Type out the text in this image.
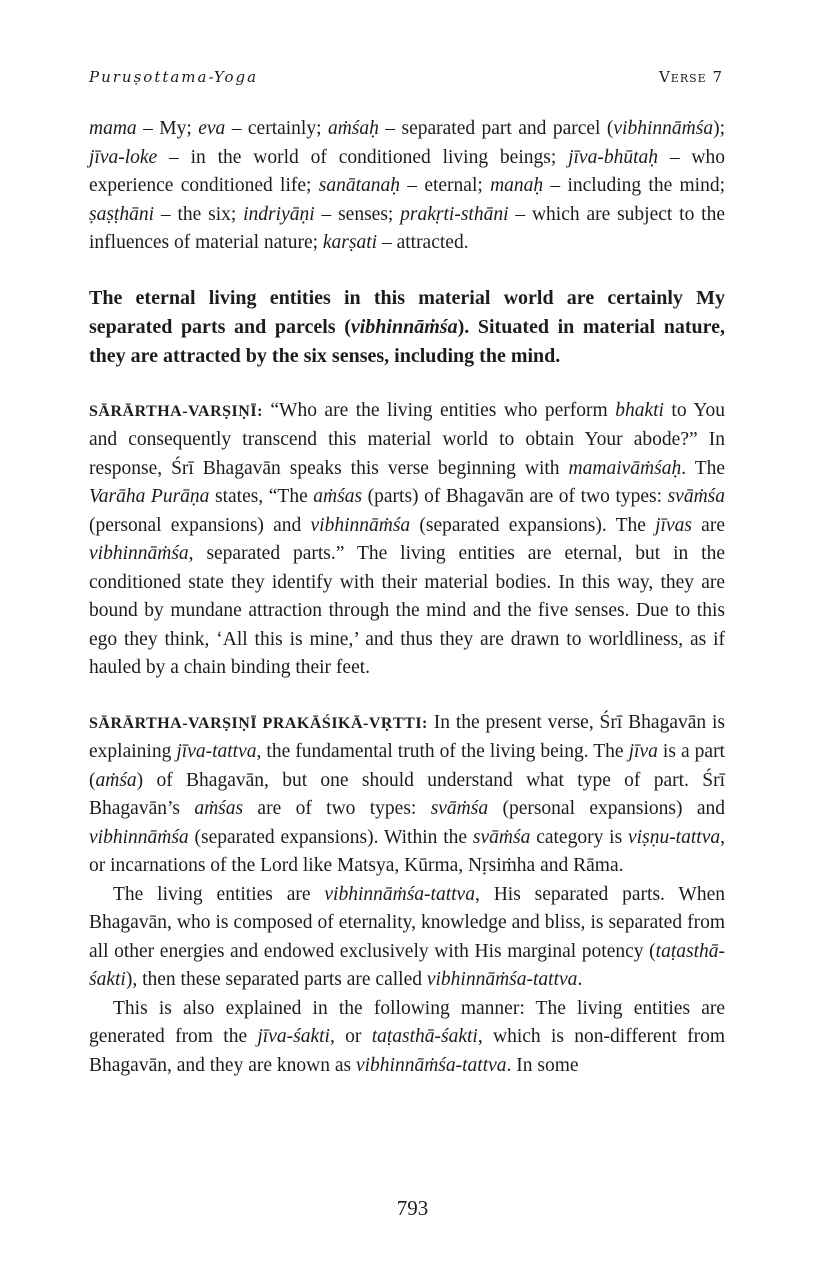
Puruṣottama-Yoga	Verse 7

mama – My; eva – certainly; aṁśaḥ – separated part and parcel (vibhinnāṁśa); jīva-loke – in the world of conditioned living beings; jīva-bhūtaḥ – who experience conditioned life; sanātanaḥ – eternal; manaḥ – including the mind; ṣaṣṭhāni – the six; indriyāṇi – senses; prakṛti-sthāni – which are subject to the influences of material nature; karṣati – attracted.

The eternal living entities in this material world are certainly My separated parts and parcels (vibhinnāṁśa). Situated in material nature, they are attracted by the six senses, including the mind.

SĀRĀRTHA-VARṢIṆĪ: “Who are the living entities who perform bhakti to You and consequently transcend this material world to obtain Your abode?” In response, Śrī Bhagavān speaks this verse beginning with mamaivāṁśaḥ. The Varāha Purāṇa states, “The aṁśas (parts) of Bhagavān are of two types: svāṁśa (personal expansions) and vibhinnāṁśa (separated expansions). The jīvas are vibhinnāṁśa, separated parts.” The living entities are eternal, but in the conditioned state they identify with their material bodies. In this way, they are bound by mundane attraction through the mind and the five senses. Due to this ego they think, ‘All this is mine,’ and thus they are drawn to worldliness, as if hauled by a chain binding their feet.

SĀRĀRTHA-VARṢIṆĪ PRAKĀŚIKĀ-VṚTTI: In the present verse, Śrī Bhagavān is explaining jīva-tattva, the fundamental truth of the living being. The jīva is a part (aṁśa) of Bhagavān, but one should understand what type of part. Śrī Bhagavān’s aṁśas are of two types: svāṁśa (personal expansions) and vibhinnāṁśa (separated expansions). Within the svāṁśa category is viṣṇu-tattva, or incarnations of the Lord like Matsya, Kūrma, Nṛsiṁha and Rāma.

The living entities are vibhinnāṁśa-tattva, His separated parts. When Bhagavān, who is composed of eternality, knowledge and bliss, is separated from all other energies and endowed exclusively with His marginal potency (taṭasthā-śakti), then these separated parts are called vibhinnāṁśa-tattva.

This is also explained in the following manner: The living entities are generated from the jīva-śakti, or taṭasthā-śakti, which is non-different from Bhagavān, and they are known as vibhinnāṁśa-tattva. In some

793
